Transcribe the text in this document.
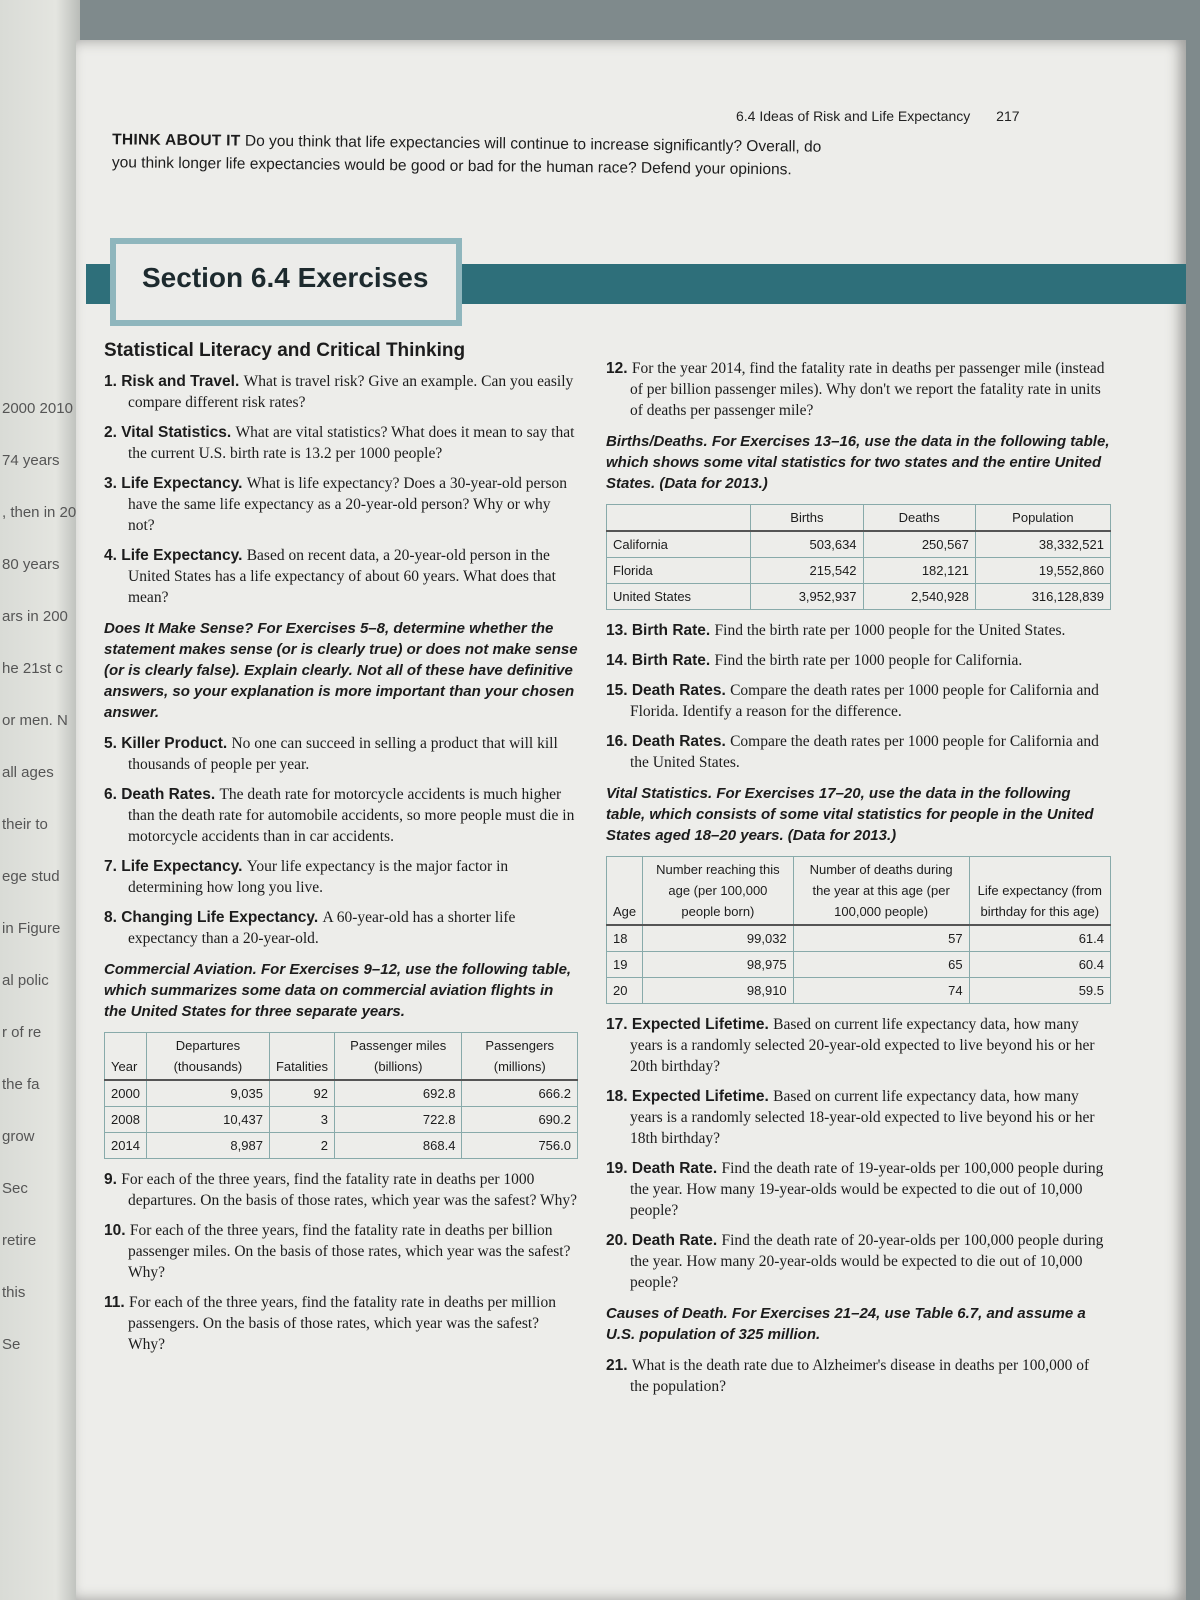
2000 2010
74 years
, then in 20
80 years
ars in 200
he 21st c
or men. N
all ages
their to
ege stud
in Figure
al polic
r of re
the fa
grow
Sec
retire
this
Se
6.4 Ideas of Risk and Life Expectancy 217
THINK ABOUT IT Do you think that life expectancies will continue to increase significantly? Overall, do you think longer life expectancies would be good or bad for the human race? Defend your opinions.
Section 6.4 Exercises
Statistical Literacy and Critical Thinking
1. Risk and Travel. What is travel risk? Give an example. Can you easily compare different risk rates?
2. Vital Statistics. What are vital statistics? What does it mean to say that the current U.S. birth rate is 13.2 per 1000 people?
3. Life Expectancy. What is life expectancy? Does a 30-year-old person have the same life expectancy as a 20-year-old person? Why or why not?
4. Life Expectancy. Based on recent data, a 20-year-old person in the United States has a life expectancy of about 60 years. What does that mean?
Does It Make Sense? For Exercises 5–8, determine whether the statement makes sense (or is clearly true) or does not make sense (or is clearly false). Explain clearly. Not all of these have definitive answers, so your explanation is more important than your chosen answer.
5. Killer Product. No one can succeed in selling a product that will kill thousands of people per year.
6. Death Rates. The death rate for motorcycle accidents is much higher than the death rate for automobile accidents, so more people must die in motorcycle accidents than in car accidents.
7. Life Expectancy. Your life expectancy is the major factor in determining how long you live.
8. Changing Life Expectancy. A 60-year-old has a shorter life expectancy than a 20-year-old.
Commercial Aviation. For Exercises 9–12, use the following table, which summarizes some data on commercial aviation flights in the United States for three separate years.
Year	Departures (thousands)	Fatalities	Passenger miles (billions)	Passengers (millions)
2000	9,035	92	692.8	666.2
2008	10,437	3	722.8	690.2
2014	8,987	2	868.4	756.0
9. For each of the three years, find the fatality rate in deaths per 1000 departures. On the basis of those rates, which year was the safest? Why?
10. For each of the three years, find the fatality rate in deaths per billion passenger miles. On the basis of those rates, which year was the safest? Why?
11. For each of the three years, find the fatality rate in deaths per million passengers. On the basis of those rates, which year was the safest? Why?
12. For the year 2014, find the fatality rate in deaths per passenger mile (instead of per billion passenger miles). Why don't we report the fatality rate in units of deaths per passenger mile?
Births/Deaths. For Exercises 13–16, use the data in the following table, which shows some vital statistics for two states and the entire United States. (Data for 2013.)
	Births	Deaths	Population
California	503,634	250,567	38,332,521
Florida	215,542	182,121	19,552,860
United States	3,952,937	2,540,928	316,128,839
13. Birth Rate. Find the birth rate per 1000 people for the United States.
14. Birth Rate. Find the birth rate per 1000 people for California.
15. Death Rates. Compare the death rates per 1000 people for California and Florida. Identify a reason for the difference.
16. Death Rates. Compare the death rates per 1000 people for California and the United States.
Vital Statistics. For Exercises 17–20, use the data in the following table, which consists of some vital statistics for people in the United States aged 18–20 years. (Data for 2013.)
Age	Number reaching this age (per 100,000 people born)	Number of deaths during the year at this age (per 100,000 people)	Life expectancy (from birthday for this age)
18	99,032	57	61.4
19	98,975	65	60.4
20	98,910	74	59.5
17. Expected Lifetime. Based on current life expectancy data, how many years is a randomly selected 20-year-old expected to live beyond his or her 20th birthday?
18. Expected Lifetime. Based on current life expectancy data, how many years is a randomly selected 18-year-old expected to live beyond his or her 18th birthday?
19. Death Rate. Find the death rate of 19-year-olds per 100,000 people during the year. How many 19-year-olds would be expected to die out of 10,000 people?
20. Death Rate. Find the death rate of 20-year-olds per 100,000 people during the year. How many 20-year-olds would be expected to die out of 10,000 people?
Causes of Death. For Exercises 21–24, use Table 6.7, and assume a U.S. population of 325 million.
21. What is the death rate due to Alzheimer's disease in deaths per 100,000 of the population?
